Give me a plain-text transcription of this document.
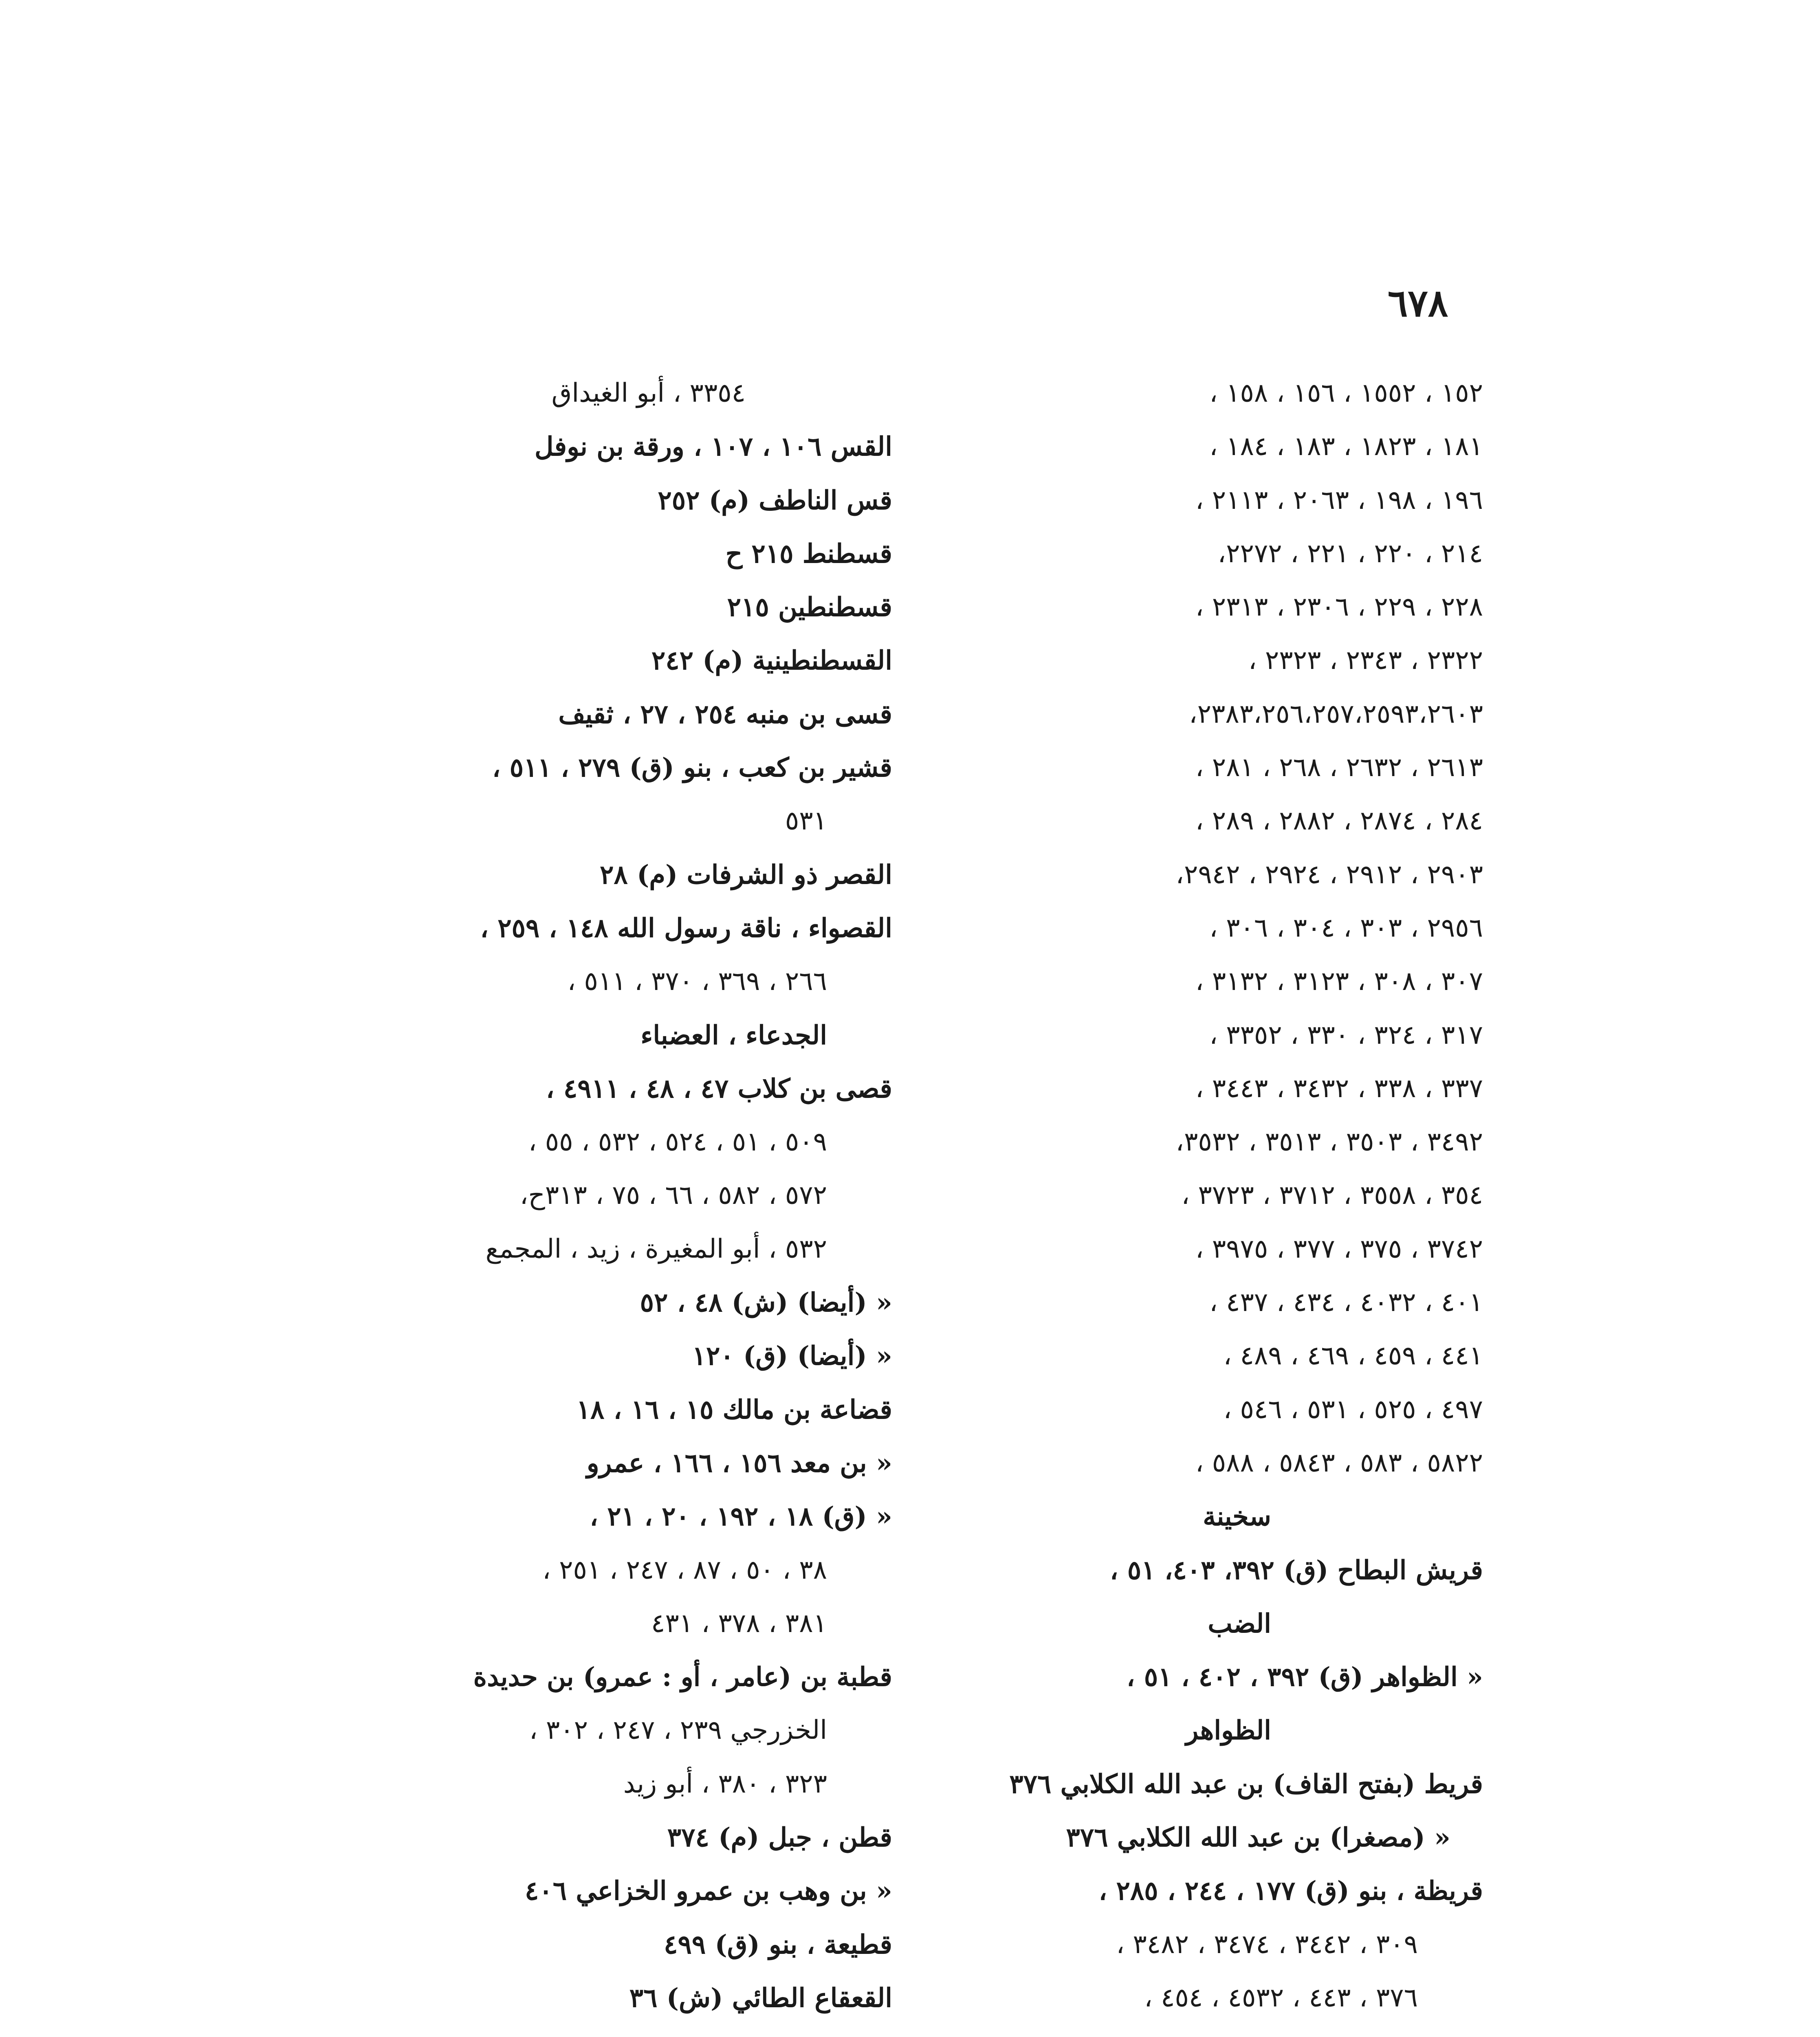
٦٧٨
١٥٢ ، ١٥٥٢ ، ١٥٦ ، ١٥٨ ،
١٨١ ، ١٨٢٣ ، ١٨٣ ، ١٨٤ ،
١٩٦ ، ١٩٨ ، ٢٠٦٣ ، ٢١١٣ ،
٢١٤ ، ٢٢٠ ، ٢٢١ ، ٢٢٧٢،
٢٢٨ ، ٢٢٩ ، ٢٣٠٦ ، ٢٣١٣ ،
٢٣٢٢ ، ٢٣٤٣ ، ٢٣٢٣ ،
٢٣٨٣،٢٥٦،٢٥٧،٢٥٩٣،٢٦٠٣،
٢٦١٣ ، ٢٦٣٢ ، ٢٦٨ ، ٢٨١ ،
٢٨٤ ، ٢٨٧٤ ، ٢٨٨٢ ، ٢٨٩ ،
٢٩٠٣ ، ٢٩١٢ ، ٢٩٢٤ ، ٢٩٤٢،
٢٩٥٦ ، ٣٠٣ ، ٣٠٤ ، ٣٠٦ ،
٣٠٧ ، ٣٠٨ ، ٣١٢٣ ، ٣١٣٢ ،
٣١٧ ، ٣٢٤ ، ٣٣٠ ، ٣٣٥٢ ،
٣٣٧ ، ٣٣٨ ، ٣٤٣٢ ، ٣٤٤٣ ،
٣٤٩٢ ، ٣٥٠٣ ، ٣٥١٣ ، ٣٥٣٢،
٣٥٤ ، ٣٥٥٨ ، ٣٧١٢ ، ٣٧٢٣ ،
٣٧٤٢ ، ٣٧٥ ، ٣٧٧ ، ٣٩٧٥ ،
٤٠١ ، ٤٠٣٢ ، ٤٣٤ ، ٤٣٧ ،
٤٤١ ، ٤٥٩ ، ٤٦٩ ، ٤٨٩ ،
٤٩٧ ، ٥٢٥ ، ٥٣١ ، ٥٤٦ ،
٥٨٢٢ ، ٥٨٣ ، ٥٨٤٣ ، ٥٨٨ ،
سخينة
قريش البطاح (ق) ٣٩٢، ٤٠٣، ٥١ ،
الضب
« الظواهر (ق) ٣٩٢ ، ٤٠٢ ، ٥١ ،
الظواهر
قريط (بفتح القاف) بن عبد الله الكلابي ٣٧٦
« (مصغرا) بن عبد الله الكلابي ٣٧٦
قريظة ، بنو (ق) ١٧٧ ، ٢٤٤ ، ٢٨٥ ،
٣٠٩ ، ٣٤٤٢ ، ٣٤٧٤ ، ٣٤٨٢ ،
٣٧٦ ، ٤٤٣ ، ٤٥٣٢ ، ٤٥٤ ،
٣٣٥٤ ، أبو الغيداق
القس ١٠٦ ، ١٠٧ ، ورقة بن نوفل
قس الناطف (م) ٢٥٢
قسطنط ٢١٥ ح
قسطنطين ٢١٥
القسطنطينية (م) ٢٤٢
قسى بن منبه ٢٥٤ ، ٢٧ ، ثقيف
قشير بن كعب ، بنو (ق) ٢٧٩ ، ٥١١ ،
٥٣١
القصر ذو الشرفات (م) ٢٨
القصواء ، ناقة رسول الله ١٤٨ ، ٢٥٩ ،
٢٦٦ ، ٣٦٩ ، ٣٧٠ ، ٥١١ ،
الجدعاء ، العضباء
قصى بن كلاب ٤٧ ، ٤٨ ، ٤٩١١ ،
٥٠٩ ، ٥١ ، ٥٢٤ ، ٥٣٢ ، ٥٥ ،
٥٧٢ ، ٥٨٢ ، ٦٦ ، ٧٥ ، ٣١٣ح،
٥٣٢ ، أبو المغيرة ، زيد ، المجمع
« (أيضا) (ش) ٤٨ ، ٥٢
« (أيضا) (ق) ١٢٠
قضاعة بن مالك ١٥ ، ١٦ ، ١٨
« بن معد ١٥٦ ، ١٦٦ ، عمرو
« (ق) ١٨ ، ١٩٢ ، ٢٠ ، ٢١ ،
٣٨ ، ٥٠ ، ٨٧ ، ٢٤٧ ، ٢٥١ ،
٣٨١ ، ٣٧٨ ، ٤٣١
قطبة بن (عامر ، أو : عمرو) بن حديدة
الخزرجي ٢٣٩ ، ٢٤٧ ، ٣٠٢ ،
٣٢٣ ، ٣٨٠ ، أبو زيد
قطن ، جبل (م) ٣٧٤
« بن وهب بن عمرو الخزاعي ٤٠٦
قطيعة ، بنو (ق) ٤٩٩
القعقاع الطائي (ش) ٣٦
